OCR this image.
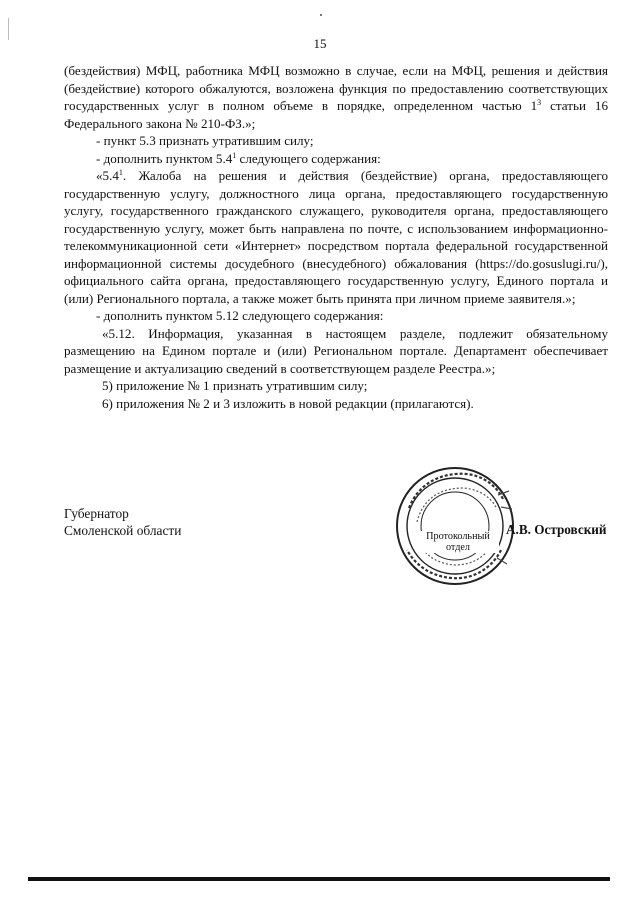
15

(бездействия) МФЦ, работника МФЦ возможно в случае, если на МФЦ, решения и действия (бездействие) которого обжалуются, возложена функция по предоставлению соответствующих государственных услуг в полном объеме в порядке, определенном частью $1^3$ статьи 16 Федерального закона № 210-ФЗ.»;

- пункт 5.3 признать утратившим силу;

- дополнить пунктом $5.4^1$ следующего содержания:

«$5.4^1$. Жалоба на решения и действия (бездействие) органа, предоставляющего государственную услугу, должностного лица органа, предоставляющего государственную услугу, государственного гражданского служащего, руководителя органа, предоставляющего государственную услугу, может быть направлена по почте, с использованием информационно-телекоммуникационной сети «Интернет» посредством портала федеральной государственной информационной системы досудебного (внесудебного) обжалования (https://do.gosuslugi.ru/), официального сайта органа, предоставляющего государственную услугу, Единого портала и (или) Регионального портала, а также может быть принята при личном приеме заявителя.»;

- дополнить пунктом 5.12 следующего содержания:

«5.12. Информация, указанная в настоящем разделе, подлежит обязательному размещению на Едином портале и (или) Региональном портале. Департамент обеспечивает размещение и актуализацию сведений в соответствующем разделе Реестра.»;

5) приложение № 1 признать утратившим силу;

6) приложения № 2 и 3 изложить в новой редакции (прилагаются).

Губернатор
Смоленской области	Протокольный
отдел
А.В. Островский
